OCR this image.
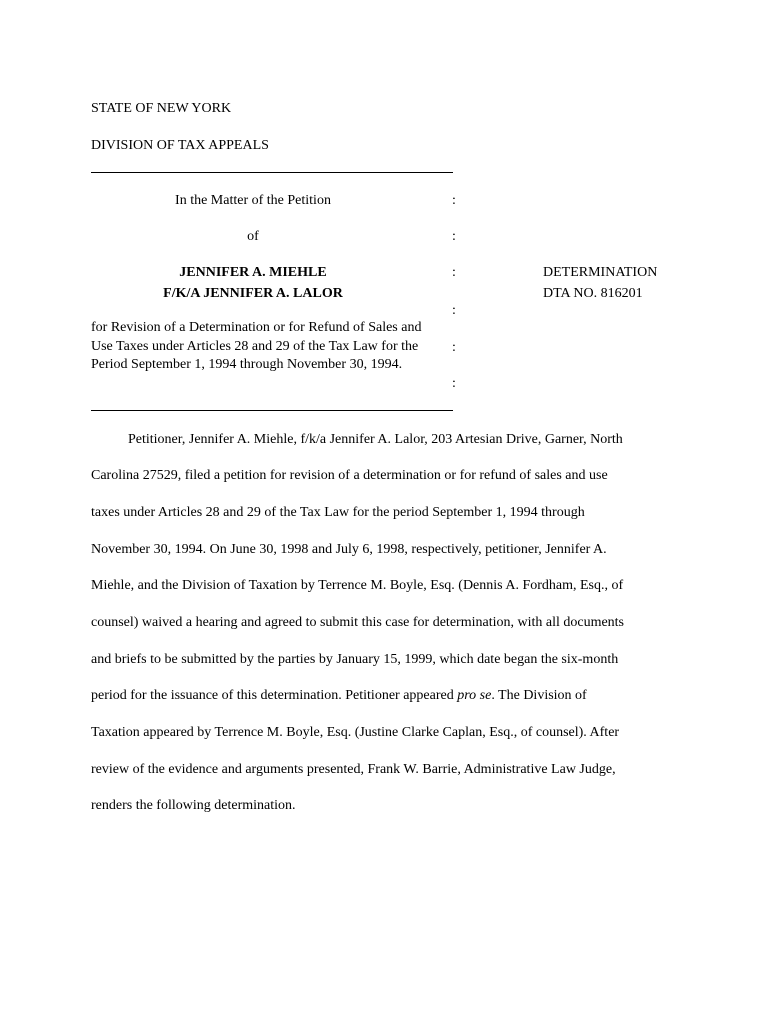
STATE OF NEW YORK
DIVISION OF TAX APPEALS
In the Matter of the Petition
of
JENNIFER A. MIEHLE
F/K/A JENNIFER A. LALOR
for Revision of a Determination or for Refund of Sales and Use Taxes under Articles 28 and 29 of the Tax Law for the Period September 1, 1994 through November 30, 1994.
:
:
:
:
:
:
DETERMINATION
DTA NO. 816201
Petitioner, Jennifer A. Miehle, f/k/a Jennifer A. Lalor, 203 Artesian Drive, Garner, North
Carolina 27529, filed a petition for revision of a determination or for refund of sales and use
taxes under Articles 28 and 29 of the Tax Law for the period September 1, 1994 through
November 30, 1994. On June 30, 1998 and July 6, 1998, respectively, petitioner, Jennifer A.
Miehle, and the Division of Taxation by Terrence M. Boyle, Esq. (Dennis A. Fordham, Esq., of
counsel) waived a hearing and agreed to submit this case for determination, with all documents
and briefs to be submitted by the parties by January 15, 1999, which date began the six-month
period for the issuance of this determination. Petitioner appeared pro se. The Division of
Taxation appeared by Terrence M. Boyle, Esq. (Justine Clarke Caplan, Esq., of counsel). After
review of the evidence and arguments presented, Frank W. Barrie, Administrative Law Judge,
renders the following determination.
